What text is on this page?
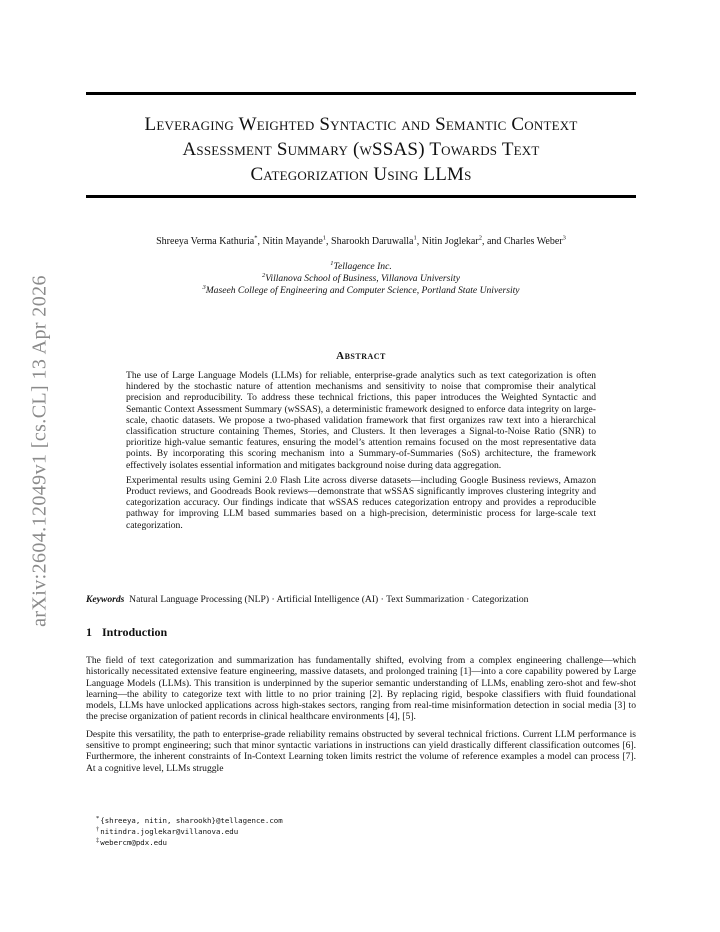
arXiv:2604.12049v1 [cs.CL] 13 Apr 2026
Leveraging Weighted Syntactic and Semantic Context
Assessment Summary (wSSAS) Towards Text
Categorization Using LLMs
Shreeya Verma Kathuria*, Nitin Mayande$^1$, Sharookh Daruwalla$^1$, Nitin Joglekar$^2$, and Charles Weber$^3$
$^1$Tellagence Inc.
$^2$Villanova School of Business, Villanova University
$^3$Maseeh College of Engineering and Computer Science, Portland State University
Abstract

The use of Large Language Models (LLMs) for reliable, enterprise-grade analytics such as text categorization is often hindered by the stochastic nature of attention mechanisms and sensitivity to noise that compromise their analytical precision and reproducibility. To address these technical frictions, this paper introduces the Weighted Syntactic and Semantic Context Assessment Summary (wSSAS), a deterministic framework designed to enforce data integrity on large-scale, chaotic datasets. We propose a two-phased validation framework that first organizes raw text into a hierarchical classification structure containing Themes, Stories, and Clusters. It then leverages a Signal-to-Noise Ratio (SNR) to prioritize high-value semantic features, ensuring the model’s attention remains focused on the most representative data points. By incorporating this scoring mechanism into a Summary-of-Summaries (SoS) architecture, the framework effectively isolates essential information and mitigates background noise during data aggregation.

Experimental results using Gemini 2.0 Flash Lite across diverse datasets—including Google Business reviews, Amazon Product reviews, and Goodreads Book reviews—demonstrate that wSSAS significantly improves clustering integrity and categorization accuracy. Our findings indicate that wSSAS reduces categorization entropy and provides a reproducible pathway for improving LLM based summaries based on a high-precision, deterministic process for large-scale text categorization.

Keywords Natural Language Processing (NLP) · Artificial Intelligence (AI) · Text Summarization · Categorization
1 Introduction

The field of text categorization and summarization has fundamentally shifted, evolving from a complex engineering challenge—which historically necessitated extensive feature engineering, massive datasets, and prolonged training [1]—into a core capability powered by Large Language Models (LLMs). This transition is underpinned by the superior semantic understanding of LLMs, enabling zero-shot and few-shot learning—the ability to categorize text with little to no prior training [2]. By replacing rigid, bespoke classifiers with fluid foundational models, LLMs have unlocked applications across high-stakes sectors, ranging from real-time misinformation detection in social media [3] to the precise organization of patient records in clinical healthcare environments [4], [5].

Despite this versatility, the path to enterprise-grade reliability remains obstructed by several technical frictions. Current LLM performance is sensitive to prompt engineering; such that minor syntactic variations in instructions can yield drastically different classification outcomes [6]. Furthermore, the inherent constraints of In-Context Learning token limits restrict the volume of reference examples a model can process [7]. At a cognitive level, LLMs struggle

*{shreeya, nitin, sharookh}@tellagence.com
†nitindra.joglekar@villanova.edu
‡webercm@pdx.edu
